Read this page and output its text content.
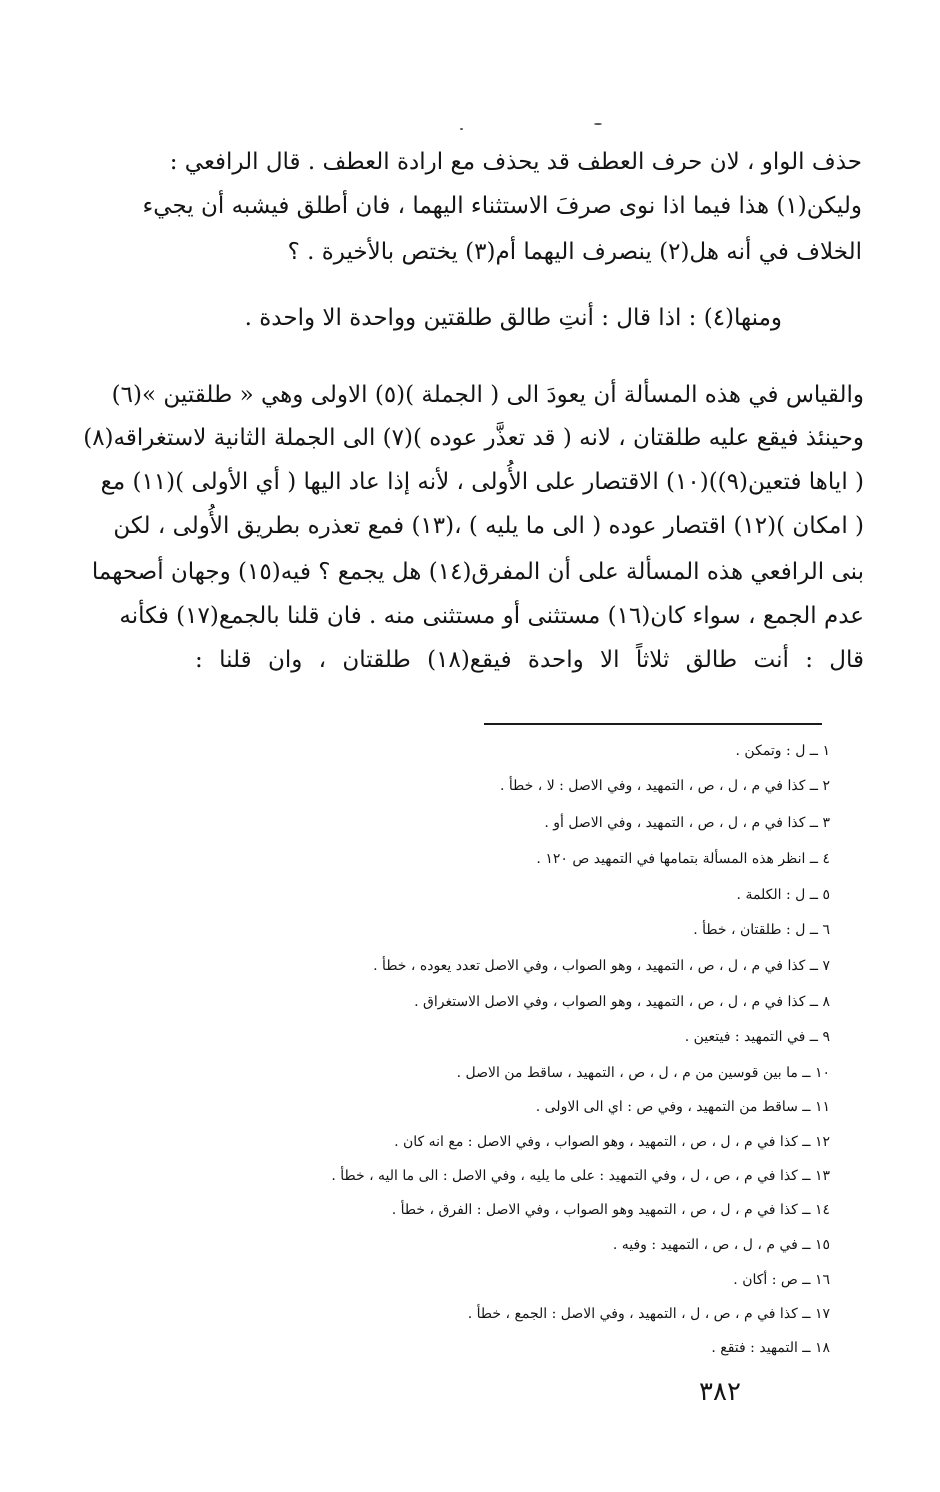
حذف الواو ، لان حرف العطف قد يحذف مع ارادة العطف . قال الرافعي :
وليكن(١) هذا فيما اذا نوى صرفَ الاستثناء اليهما ، فان أطلق فيشبه أن يجيء
الخلاف في أنه هل(٢) ينصرف اليهما أم(٣) يختص بالأخيرة . ؟
ومنها(٤) : اذا قال : أنتِ طالق طلقتين وواحدة الا واحدة .
والقياس في هذه المسألة أن يعودَ الى ( الجملة )(٥) الاولى وهي « طلقتين »(٦)
وحينئذ فيقع عليه طلقتان ، لانه ( قد تعذَّر عوده )(٧) الى الجملة الثانية لاستغراقه(٨)
( اياها فتعين(٩))(١٠) الاقتصار على الأُولى ، لأنه إذا عاد اليها ( أي الأولى )(١١) مع
( امكان )(١٢) اقتصار عوده ( الى ما يليه ) ،(١٣) فمع تعذره بطريق الأُولى ، لكن
بنى الرافعي هذه المسألة على أن المفرق(١٤) هل يجمع ؟ فيه(١٥) وجهان أصحهما
عدم الجمع ، سواء كان(١٦) مستثنى أو مستثنى منه . فان قلنا بالجمع(١٧) فكأنه
قال : أنت طالق ثلاثاً الا واحدة فيقع(١٨) طلقتان ، وان قلنا :
١ ــ ل : وتمكن .
٢ ــ كذا في م ، ل ، ص ، التمهيد ، وفي الاصل : لا ، خطأ .
٣ ــ كذا في م ، ل ، ص ، التمهيد ، وفي الاصل أو .
٤ ــ انظر هذه المسألة بتمامها في التمهيد ص ١٢٠ .
٥ ــ ل : الكلمة .
٦ ــ ل : طلقتان ، خطأ .
٧ ــ كذا في م ، ل ، ص ، التمهيد ، وهو الصواب ، وفي الاصل تعدد يعوده ، خطأ .
٨ ــ كذا في م ، ل ، ص ، التمهيد ، وهو الصواب ، وفي الاصل الاستغراق .
٩ ــ في التمهيد : فيتعين .
١٠ ــ ما بين قوسين من م ، ل ، ص ، التمهيد ، ساقط من الاصل .
١١ ــ ساقط من التمهيد ، وفي ص : اي الى الاولى .
١٢ ــ كذا في م ، ل ، ص ، التمهيد ، وهو الصواب ، وفي الاصل : مع انه كان .
١٣ ــ كذا في م ، ص ، ل ، وفي التمهيد : على ما يليه ، وفي الاصل : الى ما اليه ، خطأ .
١٤ ــ كذا في م ، ل ، ص ، التمهيد وهو الصواب ، وفي الاصل : الفرق ، خطأ .
١٥ ــ في م ، ل ، ص ، التمهيد : وفيه .
١٦ ــ ص : أكان .
١٧ ــ كذا في م ، ص ، ل ، التمهيد ، وفي الاصل : الجمع ، خطأ .
١٨ ــ التمهيد : فتقع .
٣٨٢
